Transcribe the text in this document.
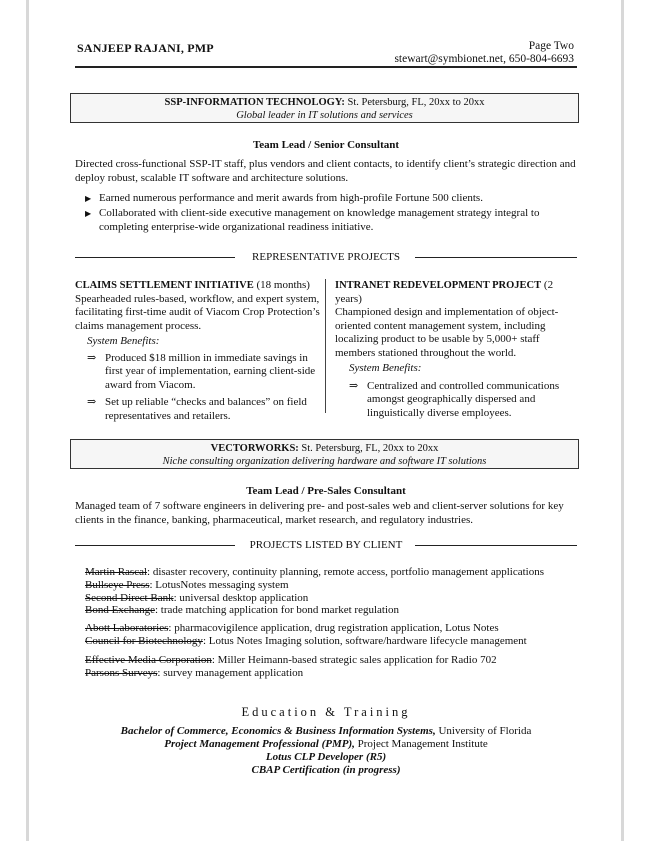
SANJEEP RAJANI, PMP	Page Two
stewart@symbionet.net, 650-804-6693
SSP-INFORMATION TECHNOLOGY: St. Petersburg, FL, 20xx to 20xx
Global leader in IT solutions and services
Team Lead / Senior Consultant
Directed cross-functional SSP-IT staff, plus vendors and client contacts, to identify client’s strategic direction and deploy robust, scalable IT software and architecture solutions.
▶ Earned numerous performance and merit awards from high-profile Fortune 500 clients.
▶ Collaborated with client-side executive management on knowledge management strategy integral to completing enterprise-wide organizational readiness initiative.
REPRESENTATIVE PROJECTS
CLAIMS SETTLEMENT INITIATIVE (18 months)
Spearheaded rules-based, workflow, and expert system, facilitating first-time audit of Viacom Crop Protection’s claims management process.
System Benefits:
⇒ Produced $18 million in immediate savings in first year of implementation, earning client-side award from Viacom.
⇒ Set up reliable “checks and balances” on field representatives and retailers.
INTRANET REDEVELOPMENT PROJECT (2 years)
Championed design and implementation of object-oriented content management system, including localizing product to be usable by 5,000+ staff members stationed throughout the world.
System Benefits:
⇒ Centralized and controlled communications amongst geographically dispersed and linguistically diverse employees.
VECTORWORKS: St. Petersburg, FL, 20xx to 20xx
Niche consulting organization delivering hardware and software IT solutions
Team Lead / Pre-Sales Consultant
Managed team of 7 software engineers in delivering pre- and post-sales web and client-server solutions for key clients in the finance, banking, pharmaceutical, market research, and regulatory industries.
PROJECTS LISTED BY CLIENT
Martin Rascal: disaster recovery, continuity planning, remote access, portfolio management applications
Bullseye Press: LotusNotes messaging system
Second Direct Bank: universal desktop application
Bond Exchange: trade matching application for bond market regulation
Abott Laboratories: pharmacovigilence application, drug registration application, Lotus Notes
Council for Biotechnology: Lotus Notes Imaging solution, software/hardware lifecycle management
Effective Media Corporation: Miller Heimann-based strategic sales application for Radio 702
Parsons Surveys: survey management application
Education & Training
Bachelor of Commerce, Economics & Business Information Systems, University of Florida
Project Management Professional (PMP), Project Management Institute
Lotus CLP Developer (R5)
CBAP Certification (in progress)
